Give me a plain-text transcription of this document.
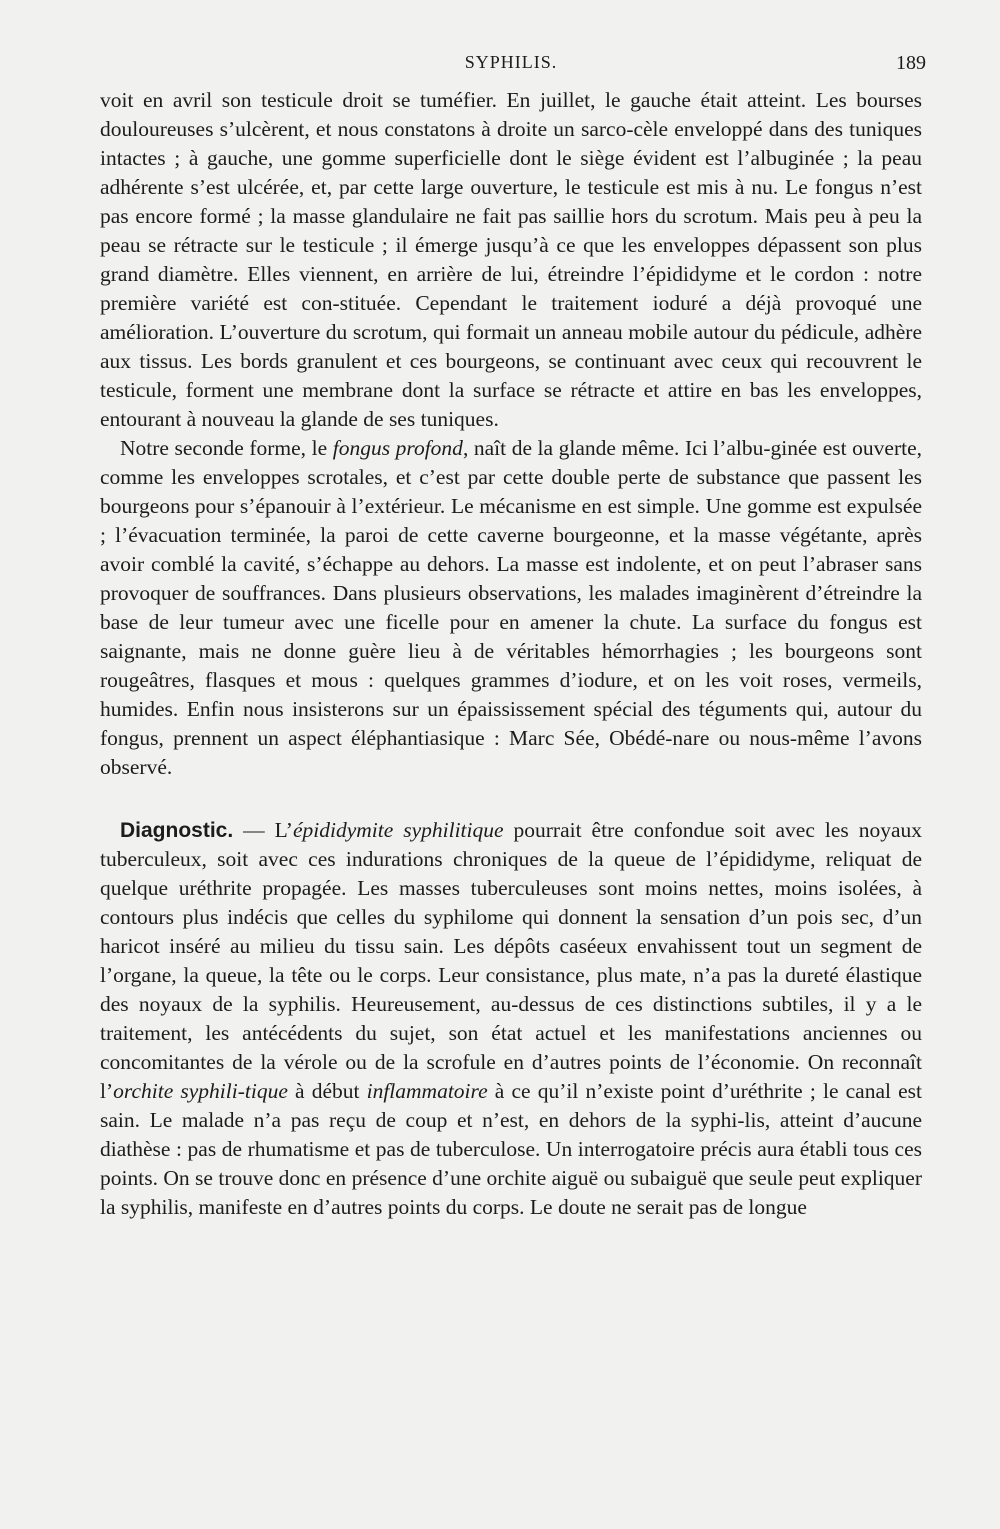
SYPHILIS.	189

voit en avril son testicule droit se tuméfier. En juillet, le gauche était atteint. Les bourses douloureuses s’ulcèrent, et nous constatons à droite un sarco-cèle enveloppé dans des tuniques intactes ; à gauche, une gomme superficielle dont le siège évident est l’albuginée ; la peau adhérente s’est ulcérée, et, par cette large ouverture, le testicule est mis à nu. Le fongus n’est pas encore formé ; la masse glandulaire ne fait pas saillie hors du scrotum. Mais peu à peu la peau se rétracte sur le testicule ; il émerge jusqu’à ce que les enveloppes dépassent son plus grand diamètre. Elles viennent, en arrière de lui, étreindre l’épididyme et le cordon : notre première variété est con-stituée. Cependant le traitement ioduré a déjà provoqué une amélioration. L’ouverture du scrotum, qui formait un anneau mobile autour du pédicule, adhère aux tissus. Les bords granulent et ces bourgeons, se continuant avec ceux qui recouvrent le testicule, forment une membrane dont la surface se rétracte et attire en bas les enveloppes, entourant à nouveau la glande de ses tuniques.

Notre seconde forme, le fongus profond, naît de la glande même. Ici l’albu-ginée est ouverte, comme les enveloppes scrotales, et c’est par cette double perte de substance que passent les bourgeons pour s’épanouir à l’extérieur. Le mécanisme en est simple. Une gomme est expulsée ; l’évacuation terminée, la paroi de cette caverne bourgeonne, et la masse végétante, après avoir comblé la cavité, s’échappe au dehors. La masse est indolente, et on peut l’abraser sans provoquer de souffrances. Dans plusieurs observations, les malades imaginèrent d’étreindre la base de leur tumeur avec une ficelle pour en amener la chute. La surface du fongus est saignante, mais ne donne guère lieu à de véritables hémorrhagies ; les bourgeons sont rougeâtres, flasques et mous : quelques grammes d’iodure, et on les voit roses, vermeils, humides. Enfin nous insisterons sur un épaississement spécial des téguments qui, autour du fongus, prennent un aspect éléphantiasique : Marc Sée, Obédé-nare ou nous-même l’avons observé.

Diagnostic. — L’épididymite syphilitique pourrait être confondue soit avec les noyaux tuberculeux, soit avec ces indurations chroniques de la queue de l’épididyme, reliquat de quelque uréthrite propagée. Les masses tuberculeuses sont moins nettes, moins isolées, à contours plus indécis que celles du syphilome qui donnent la sensation d’un pois sec, d’un haricot inséré au milieu du tissu sain. Les dépôts caséeux envahissent tout un segment de l’organe, la queue, la tête ou le corps. Leur consistance, plus mate, n’a pas la dureté élastique des noyaux de la syphilis. Heureusement, au-dessus de ces distinctions subtiles, il y a le traitement, les antécédents du sujet, son état actuel et les manifestations anciennes ou concomitantes de la vérole ou de la scrofule en d’autres points de l’économie. On reconnaît l’orchite syphili-tique à début inflammatoire à ce qu’il n’existe point d’uréthrite ; le canal est sain. Le malade n’a pas reçu de coup et n’est, en dehors de la syphi-lis, atteint d’aucune diathèse : pas de rhumatisme et pas de tuberculose. Un interrogatoire précis aura établi tous ces points. On se trouve donc en présence d’une orchite aiguë ou subaiguë que seule peut expliquer la syphilis, manifeste en d’autres points du corps. Le doute ne serait pas de longue
